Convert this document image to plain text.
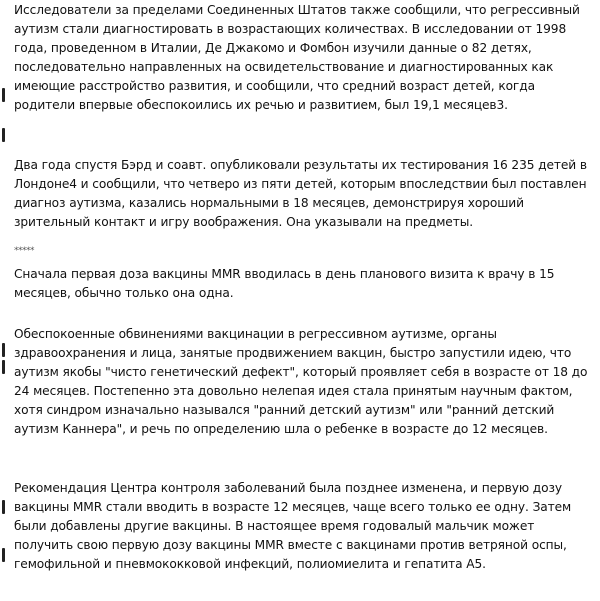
Исследователи за пределами Соединенных Штатов также сообщили, что регрессивный аутизм стали диагностировать в возрастающих количествах. В исследовании от 1998 года, проведенном в Италии, Де Джакомо и Фомбон изучили данные о 82 детях, последовательно направленных на освидетельствование и диагностированных как имеющие расстройство развития, и сообщили, что средний возраст детей, когда родители впервые обеспокоились их речью и развитием, был 19,1 месяцев3.

Два года спустя Бэрд и соавт. опубликовали результаты их тестирования 16 235 детей в Лондоне4 и сообщили, что четверо из пяти детей, которым впоследствии был поставлен диагноз аутизма, казались нормальными в 18 месяцев, демонстрируя хороший зрительный контакт и игру воображения. Она указывали на предметы.

*****

Сначала первая доза вакцины MMR вводилась в день планового визита к врачу в 15 месяцев, обычно только она одна.

Обеспокоенные обвинениями вакцинации в регрессивном аутизме, органы здравоохранения и лица, занятые продвижением вакцин, быстро запустили идею, что аутизм якобы "чисто генетический дефект", который проявляет себя в возрасте от 18 до 24 месяцев. Постепенно эта довольно нелепая идея стала принятым научным фактом, хотя синдром изначально назывался "ранний детский аутизм" или "ранний детский аутизм Каннера", и речь по определению шла о ребенке в возрасте до 12 месяцев.

Рекомендация Центра контроля заболеваний была позднее изменена, и первую дозу вакцины MMR стали вводить в возрасте 12 месяцев, чаще всего только ее одну. Затем были добавлены другие вакцины. В настоящее время годовалый мальчик может получить свою первую дозу вакцины MMR вместе с вакцинами против ветряной оспы, гемофильной и пневмококковой инфекций, полиомиелита и гепатита А5.
